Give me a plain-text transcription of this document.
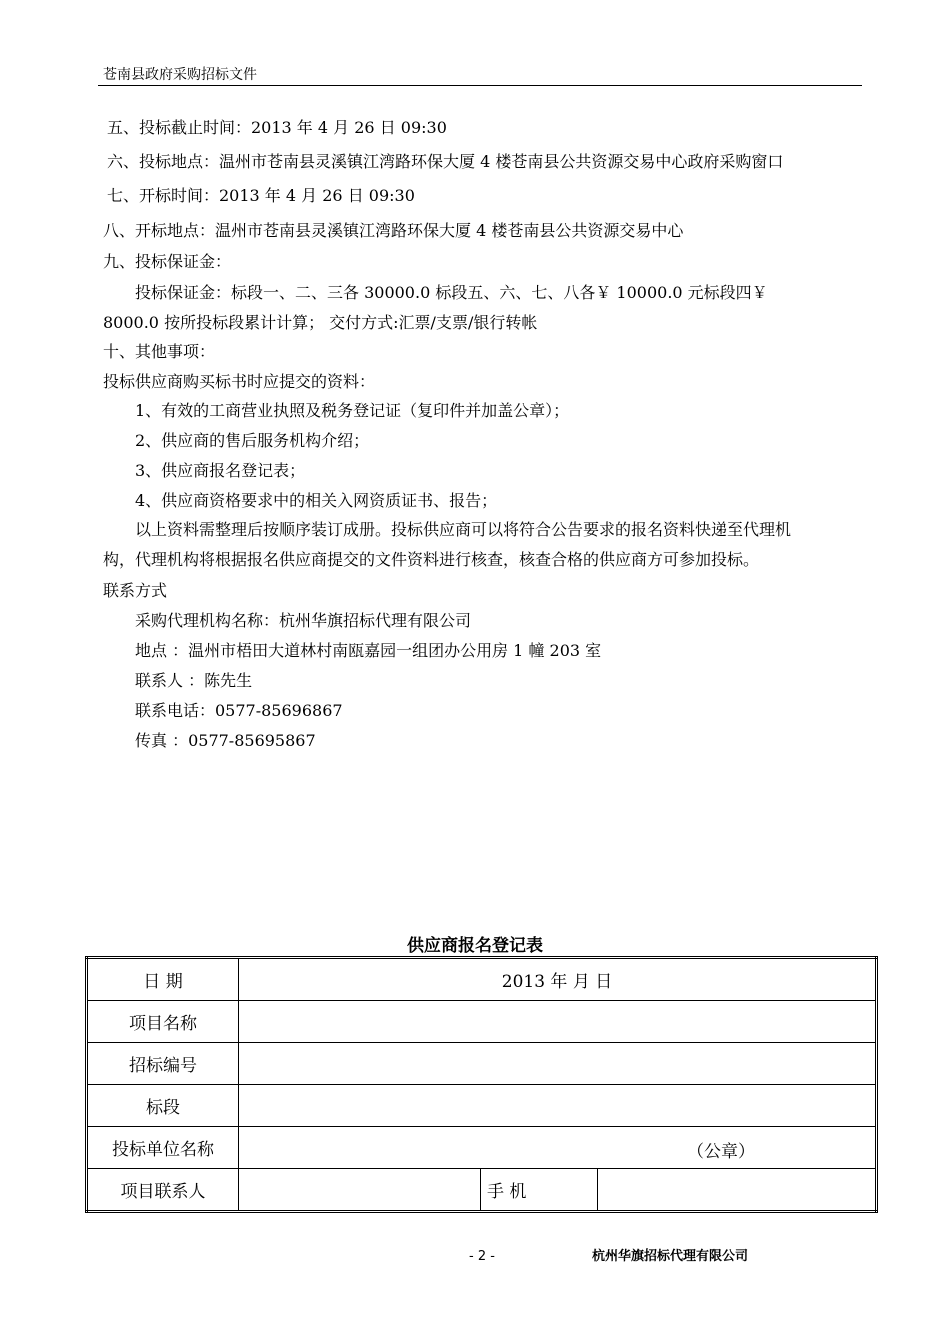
苍南县政府采购招标文件
五、投标截止时间：2013 年 4 月 26 日 09:30
六、投标地点：温州市苍南县灵溪镇江湾路环保大厦 4 楼苍南县公共资源交易中心政府采购窗口
七、开标时间：2013 年 4 月 26 日 09:30
八、开标地点：温州市苍南县灵溪镇江湾路环保大厦 4 楼苍南县公共资源交易中心
九、投标保证金：
投标保证金：标段一、二、三各 30000.0 标段五、六、七、八各￥ 10000.0 元标段四￥
8000.0 按所投标段累计计算； 交付方式:汇票/支票/银行转帐
十、其他事项：
投标供应商购买标书时应提交的资料：
1、有效的工商营业执照及税务登记证（复印件并加盖公章）；
2、供应商的售后服务机构介绍；
3、供应商报名登记表；
4、供应商资格要求中的相关入网资质证书、报告；
以上资料需整理后按顺序装订成册。投标供应商可以将符合公告要求的报名资料快递至代理机
构，代理机构将根据报名供应商提交的文件资料进行核查，核查合格的供应商方可参加投标。
联系方式
采购代理机构名称：杭州华旗招标代理有限公司
地点 ：温州市梧田大道林村南瓯嘉园一组团办公用房 1 幢 203 室
联系人 ：陈先生
联系电话：0577-85696867
传真 ：0577-85695867
供应商报名登记表
日 期	2013 年 月 日		
项目名称			
招标编号			
标段			
投标单位名称	（公章）		

项目联系人		手 机	
- 2 -	杭州华旗招标代理有限公司
